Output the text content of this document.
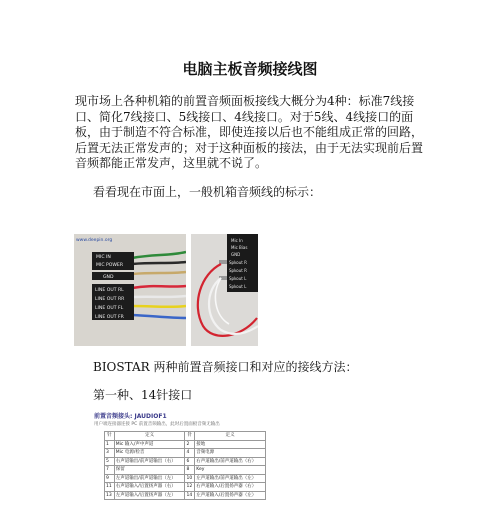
电脑主板音频接线图
现市场上各种机箱的前置音频面板接线大概分为4种：标准7线接口、简化7线接口、5线接口、4线接口。对于5线、4线接口的面板，由于制造不符合标准，即使连接以后也不能组成正常的回路，后置无法正常发声的；对于这种面板的接法，由于无法实现前后置音频都能正常发声，这里就不说了。
看看现在市面上，一般机箱音频线的标示：
www.deepin.org
MIC IN
MIC POWER
GND
LINE OUT RL
LINE OUT RR
LINE OUT FL
LINE OUT FR
Mic In
Mic Bias
GND
Spkout R
Spkout R
Spkout L
Spkout L
BIOSTAR 两种前置音频接口和对应的接线方法：
第一种、14针接口
前置音频接头: JAUDIOF1
用户端连接器连接 PC 前置音频输出，此时后置面板音频无输出
针	定义	针	定义
1	Mic 输入/声中声道	2	接地
3	Mic 电源/检音	4	音频电源
5	右声道输出/前声道输出（右）	6	右声道输出/前声道输出（右）
7	保留	8	Key
9	左声道输出/前声道输出（左）	10	左声道输出/前声道输出（左）
11	右声道输入/后置扬声器（右）	12	右声道输入/后置扬声器（右）
13	左声道输入/后置扬声器（左）	14	左声道输入/后置扬声器（左）
